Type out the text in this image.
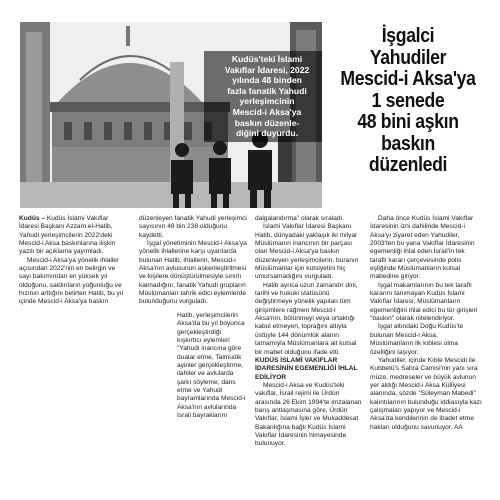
Kudüs'teki İslami
Vakıflar İdaresi, 2022
yılında 48 binden
fazla fanatik Yahudi
yerleşimcinin
Mescid-i Aksa'ya
baskın düzenle-
diğini duyurdu.
İşgalci
Yahudiler
Mescid-i Aksa'ya
1 senede
48 bini aşkın
baskın
düzenledi

Kudüs – Kudüs İslami Vakıflar İdaresi Başkanı Azzam el-Hatib, Yahudi yerleşimcilerin 2022'deki Mescid-i Aksa baskınlarına ilişkin yazılı bir açıklama yayımladı.

Mescid-i Aksa'ya yönelik ihlaller açısından 2022'nin en belirgin ve sayı bakımından en yüksek yıl olduğunu, saldırıların yoğunluğu ve hızının arttığını belirten Hatib, bu yıl içinde Mescid-i Aksa'ya baskın

düzenleyen fanatik Yahudi yerleşimci sayısının 48 bin 238 olduğunu kaydetti.

İşgal yönetiminin Mescid-i Aksa'ya yönelik ihlallerine karşı uyarılarda bulunan Hatib, ihlallerin, Mescid-i Aksa'nın avlusunun askerileştirilmesi ve kişilere dönüştürülmesiyle sınırlı kalmadığını, fanatik Yahudi grupların Müslümanları tahrik edici eylemlerde bulunduğunu vurguladı.

Hatib, yerleşimcilerin Aksa'da bu yıl boyunca gerçekleştirdiği kışkırtıcı eylemleri "Yahudi inancına göre dualar etme, Talmudik ayinler gerçekleştirme, ilahiler ve avlularda şarkı söyleme, dans etme ve Yahudi bayramlarında Mescid-i Aksa'nın avlularında İsrail bayraklarını

dalgalandırma" olarak sıraladı.

İslami Vakıflar İdaresi Başkanı Hatib, dünyadaki yaklaşık iki milyar Müslümanın inancının bir parçası olan Mescid-i Aksa'ya baskın düzenleyen yerleşimcilerin, buranın Müslümanlar için kutsiyetini hiç umursamadığını vurguladı.

Hatib ayrıca uzun zamandır dini, tarihi ve hukuki statüsünü değiştirmeye yönelik yapılan tüm girişimlere rağmen Mescid-i Aksa'nın, bölünmeyi veya ortaklığı kabul etmeyen, toprağını altıyla üstüyle 144 dönümlük alanın tamamıyla Müslümanlara ait kutsal bir mabet olduğunu ifade etti.

KUDÜS İSLAMİ VAKIFLAR İDARESİNİN EGEMENLİĞİ İHLAL EDİLİYOR

Mescid-i Aksa ve Kudüs'teki vakıflar, İsrail rejimi ile Ürdün arasında 26 Ekim 1994'te imzalanan barış antlaşmasına göre, Ürdün Vakıflar, İslami İşler ve Mukaddesat Bakanlığına bağlı Kudüs İslami Vakıflar İdaresinin himayesinde bulunuyor.

Daha önce Kudüs İslami Vakıflar İdaresinin izni dahilinde Mescid-i Aksa'yı ziyaret eden Yahudiler, 2003'ten bu yana Vakıflar İdaresinin egemenliği ihlal eden İsrail'in tek taraflı kararı çerçevesinde polis eşliğinde Müslümanların kutsal mabedine giriyor.

İşgal makamlarının bu tek taraflı kararını tanımayan Kudüs İslami Vakıflar İdaresi, Müslümanların egemenliğini ihlal edici bu tür girişleri "baskın" olarak nitelendiriyor.

İşgal altındaki Doğu Kudüs'te bulunan Mescid-i Aksa, Müslümanların ilk kıblesi olma özelliğini taşıyor.

Yahudiler, içinde Kıble Mescidi ile Kubbetü's Sahra Camisi'nin yanı sıra müze, medreseler ve büyük avlunun yer aldığı Mescid-i Aksa Külliyesi alanında, sözde "Süleyman Mabedi" kalıntılarının bulunduğu iddiasıyla kazı çalışmaları yapıyor ve Mescid-i Aksa'da kendilerinin de ibadet etme hakları olduğunu savunuyor. AA
